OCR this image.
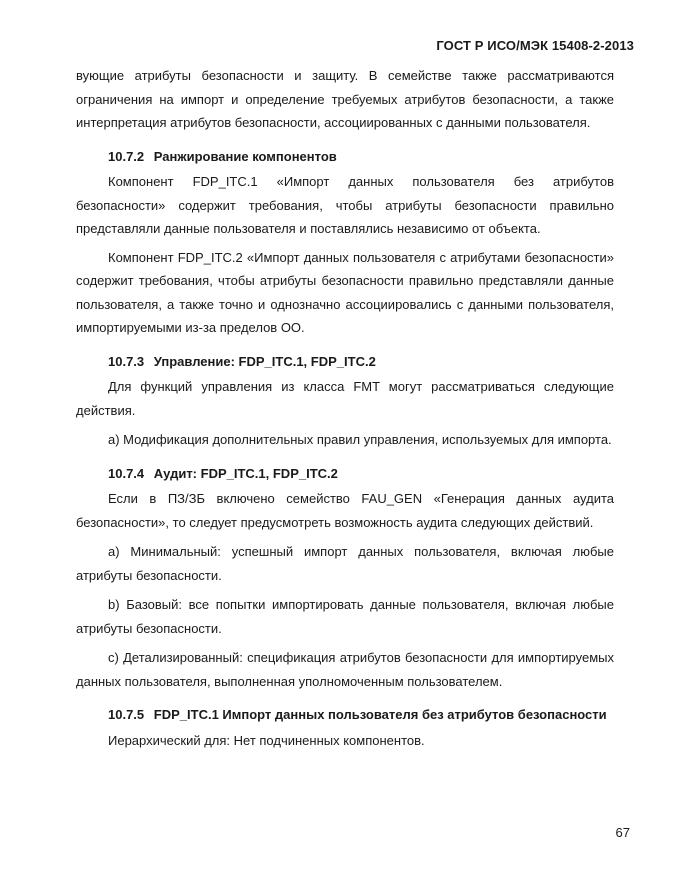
ГОСТ Р ИСО/МЭК 15408-2-2013

вующие атрибуты безопасности и защиту. В семействе также рассматриваются ограничения на импорт и определение требуемых атрибутов безопасности, а также интерпретация атрибутов безопасности, ассоциированных с данными пользователя.

10.7.2 Ранжирование компонентов

Компонент FDP_ITC.1 «Импорт данных пользователя без атрибутов безопасности» содержит требования, чтобы атрибуты безопасности правильно представляли данные пользователя и поставлялись независимо от объекта.

Компонент FDP_ITC.2 «Импорт данных пользователя с атрибутами безопасности» содержит требования, чтобы атрибуты безопасности правильно представляли данные пользователя, а также точно и однозначно ассоциировались с данными пользователя, импортируемыми из-за пределов ОО.

10.7.3 Управление: FDP_ITC.1, FDP_ITC.2

Для функций управления из класса FMT могут рассматриваться следующие действия.

a) Модификация дополнительных правил управления, используемых для импорта.

10.7.4 Аудит: FDP_ITC.1, FDP_ITC.2

Если в ПЗ/ЗБ включено семейство FAU_GEN «Генерация данных аудита безопасности», то следует предусмотреть возможность аудита следующих действий.

a) Минимальный: успешный импорт данных пользователя, включая любые атрибуты безопасности.

b) Базовый: все попытки импортировать данные пользователя, включая любые атрибуты безопасности.

c) Детализированный: спецификация атрибутов безопасности для импортируемых данных пользователя, выполненная уполномоченным пользователем.

10.7.5 FDP_ITC.1 Импорт данных пользователя без атрибутов безопасности

Иерархический для: Нет подчиненных компонентов.

67
